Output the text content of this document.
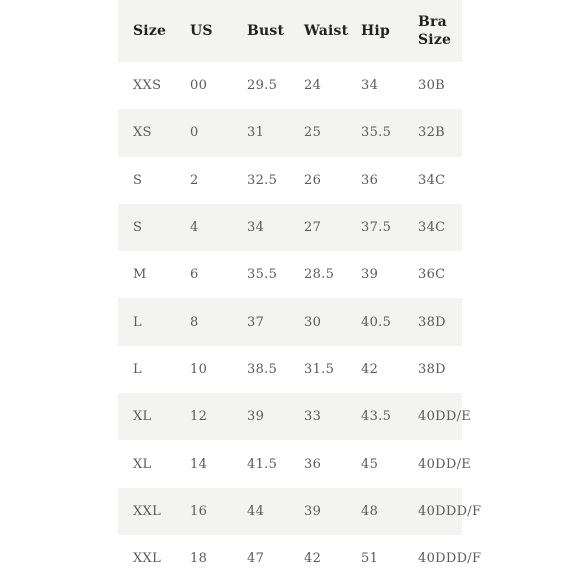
Size	US	Bust	Waist	Hip	Bra
Size

XXS	00	29.5	24	34	30B
XS	0	31	25	35.5	32B
S	2	32.5	26	36	34C
S	4	34	27	37.5	34C
M	6	35.5	28.5	39	36C
L	8	37	30	40.5	38D
L	10	38.5	31.5	42	38D
XL	12	39	33	43.5	40DD/E
XL	14	41.5	36	45	40DD/E
XXL	16	44	39	48	40DDD/F
XXL	18	47	42	51	40DDD/F
